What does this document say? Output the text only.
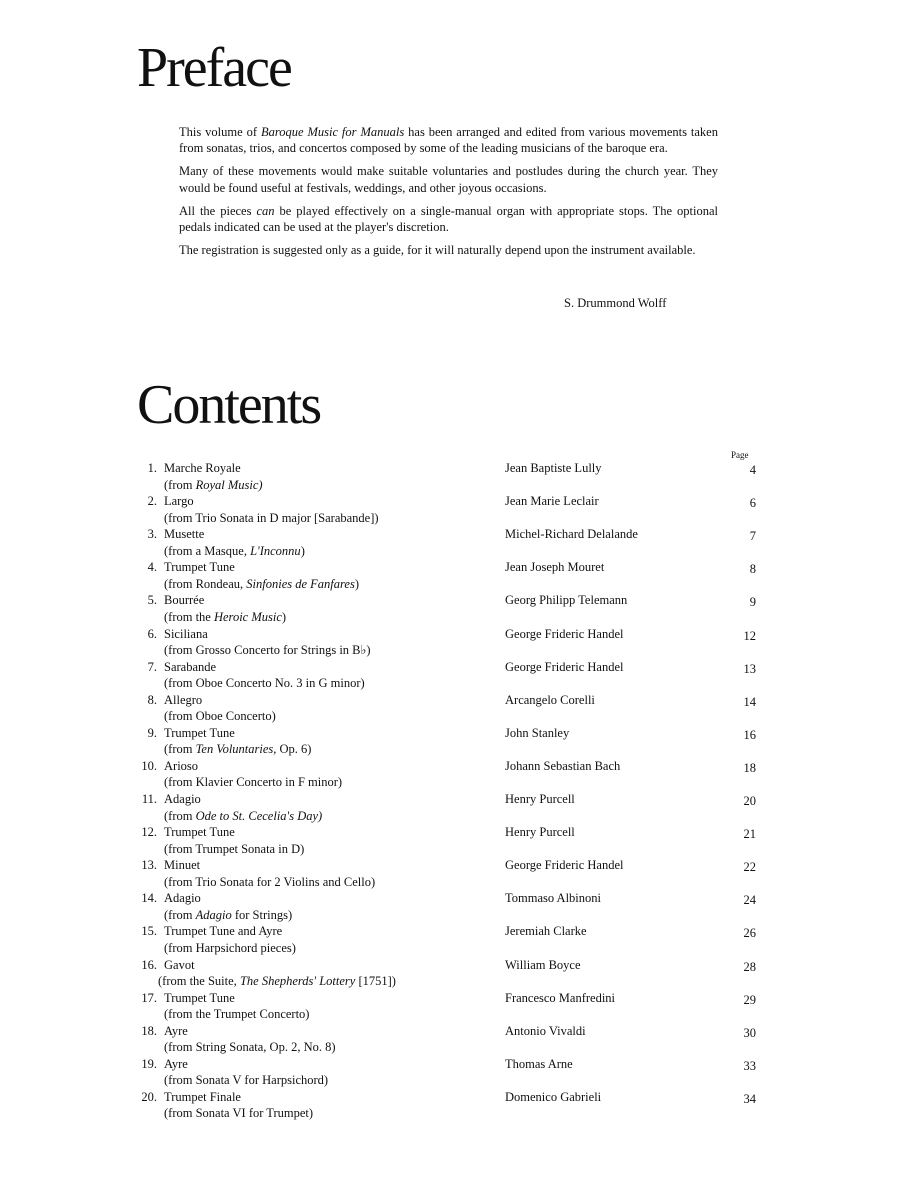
Preface

This volume of Baroque Music for Manuals has been arranged and edited from various movements taken from sonatas, trios, and concertos composed by some of the leading musicians of the baroque era.

Many of these movements would make suitable voluntaries and postludes during the church year. They would be found useful at festivals, weddings, and other joyous occasions.

All the pieces can be played effectively on a single-manual organ with appropriate stops. The optional pedals indicated can be used at the player's discretion.

The registration is suggested only as a guide, for it will naturally depend upon the instrument available.

S. Drummond Wolff
Contents
Page
1. Marche Royale
(from Royal Music)
Jean Baptiste Lully	4
2. Largo
(from Trio Sonata in D major [Sarabande])
Jean Marie Leclair	6
3. Musette
(from a Masque, L'Inconnu)
Michel-Richard Delalande	7
4. Trumpet Tune
(from Rondeau, Sinfonies de Fanfares)
Jean Joseph Mouret	8
5. Bourrée
(from the Heroic Music)
Georg Philipp Telemann	9
6. Siciliana
(from Grosso Concerto for Strings in B♭)
George Frideric Handel	12
7. Sarabande
(from Oboe Concerto No. 3 in G minor)
George Frideric Handel	13
8. Allegro
(from Oboe Concerto)
Arcangelo Corelli	14
9. Trumpet Tune
(from Ten Voluntaries, Op. 6)
John Stanley	16
10. Arioso
(from Klavier Concerto in F minor)
Johann Sebastian Bach	18
11. Adagio
(from Ode to St. Cecelia's Day)
Henry Purcell	20
12. Trumpet Tune
(from Trumpet Sonata in D)
Henry Purcell	21
13. Minuet
(from Trio Sonata for 2 Violins and Cello)
George Frideric Handel	22
14. Adagio
(from Adagio for Strings)
Tommaso Albinoni	24
15. Trumpet Tune and Ayre
(from Harpsichord pieces)
Jeremiah Clarke	26
16. Gavot
(from the Suite, The Shepherds' Lottery [1751])
William Boyce	28
17. Trumpet Tune
(from the Trumpet Concerto)
Francesco Manfredini	29
18. Ayre
(from String Sonata, Op. 2, No. 8)
Antonio Vivaldi	30
19. Ayre
(from Sonata V for Harpsichord)
Thomas Arne	33
20. Trumpet Finale
(from Sonata VI for Trumpet)
Domenico Gabrieli	34
